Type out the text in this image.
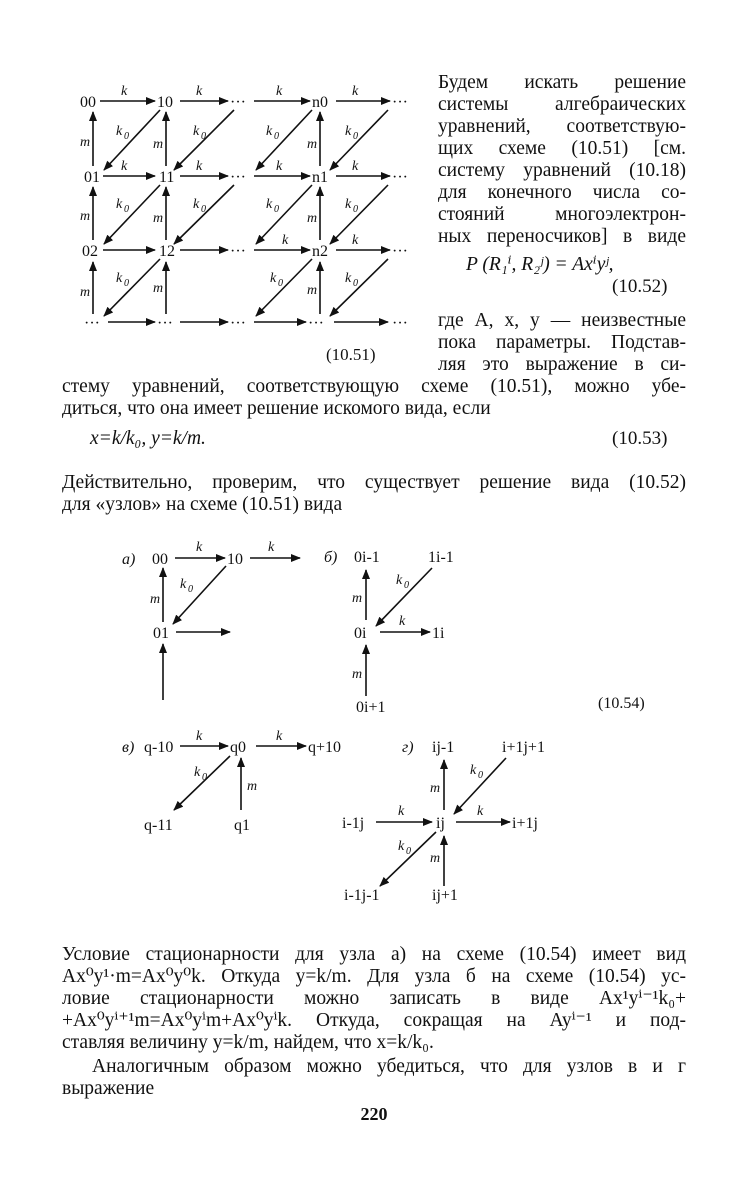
00	10	···	n0	···
k	k	k	k
01	11	···	n1	···
k	k	k	k
02	12	···	n2	···
k	k
···	···	···	···	···
m
m
m
m
m
m
m
m
m
k 0	k 0	k 0	k 0
k 0	k 0	k 0	k 0
k 0	k 0	k 0
а) 00	10
k	k
m
k 0
01
б) 0i-1	1i-1
m
k 0
0i
k
1i
m
0i+1	(10.54)
в) q-10
k
q0
k
q+10
k 0
m
q-11	q1
г) ij-1	i+1j+1
m
k 0
i-1j
k
ij
k
i+1j
k 0 m
i-1j-1	ij+1
Будем искать решение
системы алгебраических
уравнений, соответствую-
щих схеме (10.51) [см.
систему уравнений (10.18)
для конечного числа со-
стояний многоэлектрон-
ных переносчиков] в виде
P (R₁ⁱ, R₂ʲ) = Axⁱyʲ,
(10.52)
где A, x, y — неизвестные
пока параметры. Подстав-
ляя это выражение в си-
(10.51)
стему уравнений, соответствующую схеме (10.51), можно убе-
диться, что она имеет решение искомого вида, если
x=k/k₀, y=k/m.	(10.53)
Действительно, проверим, что существует решение вида (10.52)
для «узлов» на схеме (10.51) вида
Условие стационарности для узла а) на схеме (10.54) имеет вид
Ax⁰y¹·m=Ax⁰y⁰k. Откуда y=k/m. Для узла б на схеме (10.54) ус-
ловие стационарности можно записать в виде Ax¹yⁱ⁻¹k₀+
+Ax⁰yⁱ⁺¹m=Ax⁰yⁱm+Ax⁰yⁱk. Откуда, сокращая на Ayⁱ⁻¹ и под-
ставляя величину y=k/m, найдем, что x=k/k₀.
Аналогичным образом можно убедиться, что для узлов в и г
выражение
220
